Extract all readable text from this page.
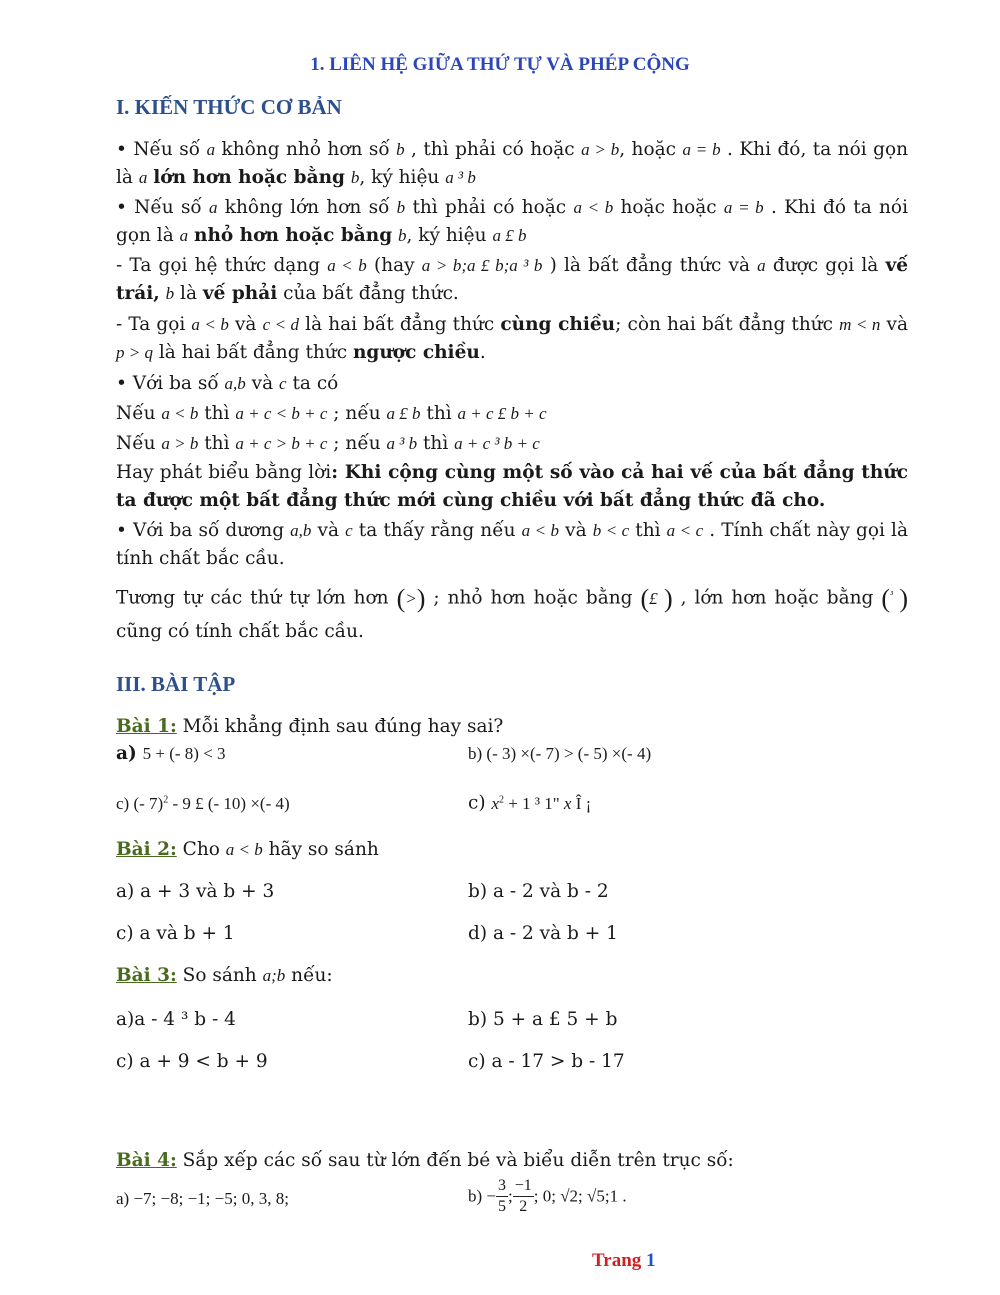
1. LIÊN HỆ GIỮA THỨ TỰ VÀ PHÉP CỘNG
I. KIẾN THỨC CƠ BẢN
• Nếu số a không nhỏ hơn số b , thì phải có hoặc a > b, hoặc a = b . Khi đó, ta nói gọn là a lớn hơn hoặc bằng b, ký hiệu a ³ b
• Nếu số a không lớn hơn số b thì phải có hoặc a < b hoặc hoặc a = b . Khi đó ta nói gọn là a nhỏ hơn hoặc bằng b, ký hiệu a £ b
- Ta gọi hệ thức dạng a < b (hay a > b;a £ b;a ³ b ) là bất đẳng thức và a được gọi là vế trái, b là vế phải của bất đẳng thức.
- Ta gọi a < b và c < d là hai bất đẳng thức cùng chiều; còn hai bất đẳng thức m < n và p > q là hai bất đẳng thức ngược chiều.
• Với ba số a,b và c ta có
Nếu a < b thì a + c < b + c ; nếu a £ b thì a + c £ b + c
Nếu a > b thì a + c > b + c ; nếu a ³ b thì a + c ³ b + c
Hay phát biểu bằng lời: Khi cộng cùng một số vào cả hai vế của bất đẳng thức ta được một bất đẳng thức mới cùng chiều với bất đẳng thức đã cho.
• Với ba số dương a,b và c ta thấy rằng nếu a < b và b < c thì a < c . Tính chất này gọi là tính chất bắc cầu.
Tương tự các thứ tự lớn hơn (>) ; nhỏ hơn hoặc bằng (£ ) , lớn hơn hoặc bằng ($^{^3}$ ) cũng có tính chất bắc cầu.
III. BÀI TẬP
Bài 1: Mỗi khẳng định sau đúng hay sai?
a) 5 + (- 8) < 3	b) (- 3) ×(- 7) > (- 5) ×(- 4)
c) (- 7)$^2$ - 9 £ (- 10) ×(- 4)	c) $x^2 + 1$ ³ 1" x Î ¡
Bài 2: Cho a < b hãy so sánh
a) a + 3 và b + 3	b) a - 2 và b - 2
c) a và b + 1	d) a - 2 và b + 1
Bài 3: So sánh a;b nếu:
a)a - 4 ³ b - 4	b) 5 + a £ 5 + b
c) a + 9 < b + 9	c) a - 17 > b - 17
Bài 4: Sắp xếp các số sau từ lớn đến bé và biểu diễn trên trục số:
a) −7; −8; −1; −5; 0, 3, 8;	$b) - \frac{3}{5}$ ; $\frac{-1}{2}$ ; 0; √2; √5;1 .
Trang 1
